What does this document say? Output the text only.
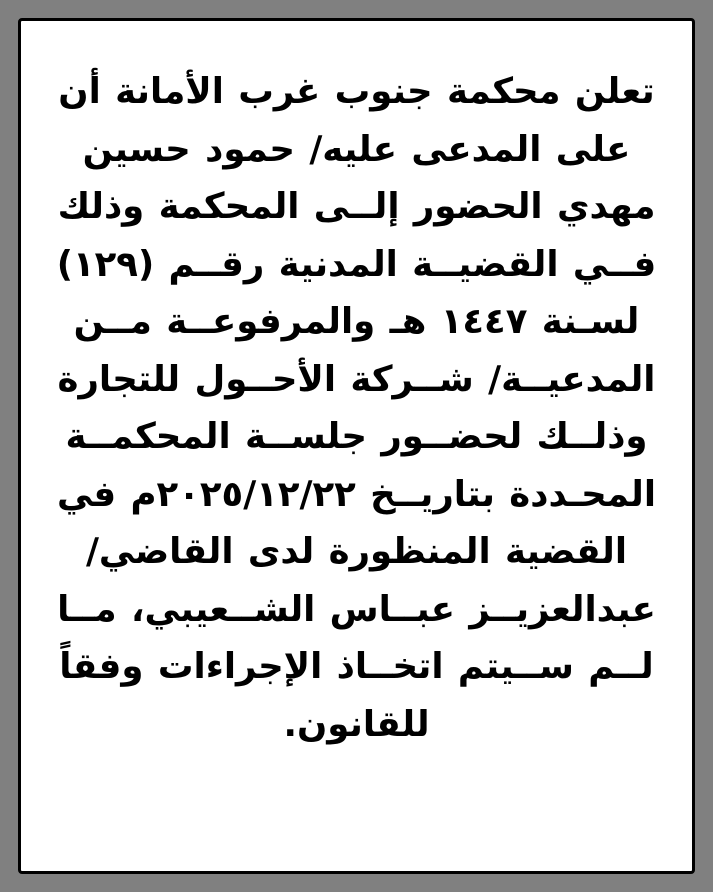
تعلن محكمة جنوب غرب الأمانة أن على المدعى عليه/ حمود حسين مهدي الحضور إلــى المحكمة وذلك فــي القضيــة المدنية رقــم (١٢٩) لسـنة ١٤٤٧ هـ والمرفوعــة مــن المدعيــة/ شــركة الأحــول للتجارة وذلــك لحضــور جلســة المحكمــة المحـددة بتاريــخ ٢٠٢٥/١٢/٢٢م في القضية المنظورة لدى القاضي/ عبدالعزيــز عبــاس الشــعيبي، مــا لــم ســيتم اتخــاذ الإجراءات وفقاً للقانون.
